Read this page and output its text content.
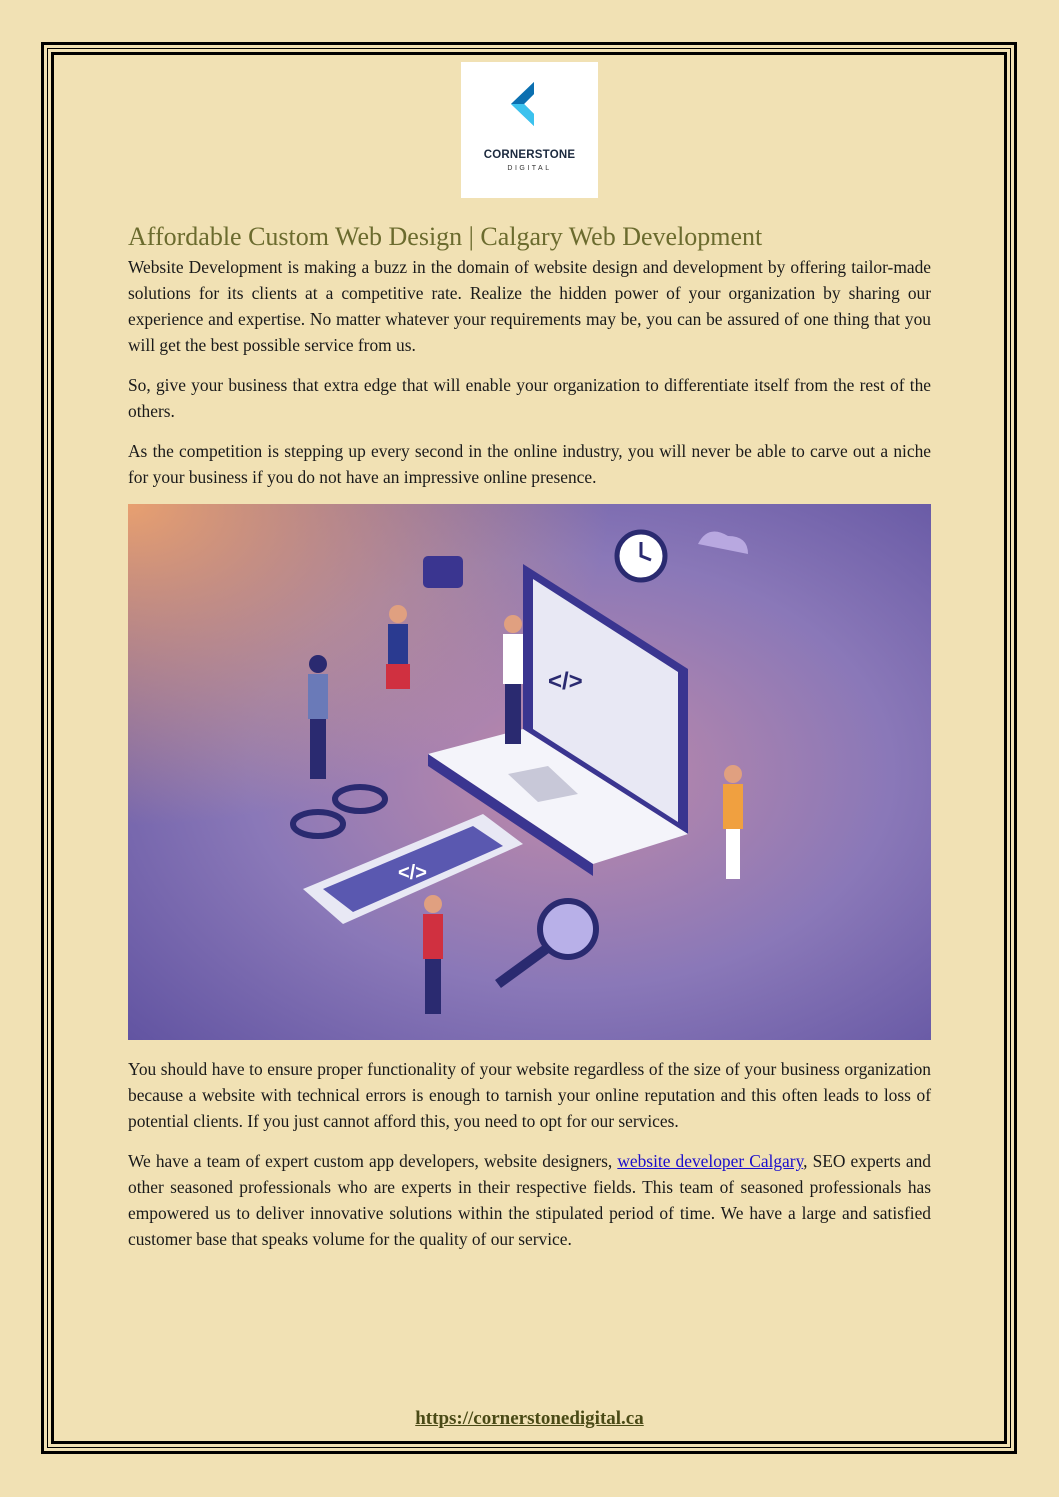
CORNERSTONE
DIGITAL
Affordable Custom Web Design | Calgary Web Development

Website Development is making a buzz in the domain of website design and development by offering tailor-made solutions for its clients at a competitive rate. Realize the hidden power of your organization by sharing our experience and expertise. No matter whatever your requirements may be, you can be assured of one thing that you will get the best possible service from us.

So, give your business that extra edge that will enable your organization to differentiate itself from the rest of the others.

As the competition is stepping up every second in the online industry, you will never be able to carve out a niche for your business if you do not have an impressive online presence.

</>
</>

You should have to ensure proper functionality of your website regardless of the size of your business organization because a website with technical errors is enough to tarnish your online reputation and this often leads to loss of potential clients. If you just cannot afford this, you need to opt for our services.

We have a team of expert custom app developers, website designers, website developer Calgary, SEO experts and other seasoned professionals who are experts in their respective fields. This team of seasoned professionals has empowered us to deliver innovative solutions within the stipulated period of time. We have a large and satisfied customer base that speaks volume for the quality of our service.

https://cornerstonedigital.ca
